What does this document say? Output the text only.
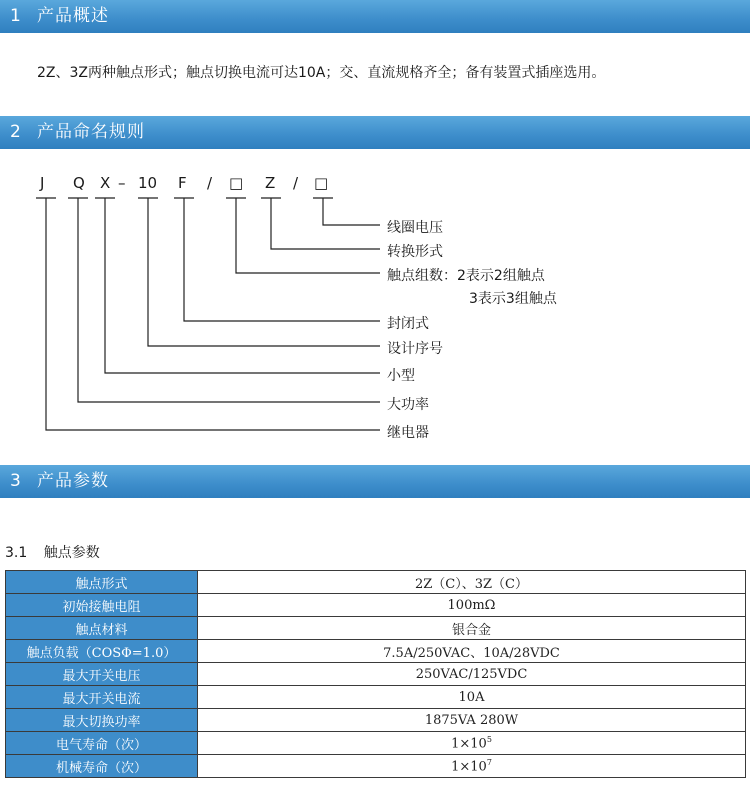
1 产品概述
2Z、3Z两种触点形式；触点切换电流可达10A；交、直流规格齐全；备有装置式插座选用。
2 产品命名规则
J Q X – 10 F / □ Z / □
线圈电压
转换形式
触点组数：2表示2组触点
3表示3组触点
封闭式
设计序号
小型
大功率
继电器
3 产品参数
3.1 触点参数
触点形式	2Z（C）、3Z（C）
初始接触电阻	100mΩ
触点材料	银合金
触点负载（COSΦ=1.0）	7.5A/250VAC、10A/28VDC
最大开关电压	250VAC/125VDC
最大开关电流	10A
最大切换功率	1875VA 280W
电气寿命（次）	$1\times 10^5$
机械寿命（次）	$1\times 10^7$
